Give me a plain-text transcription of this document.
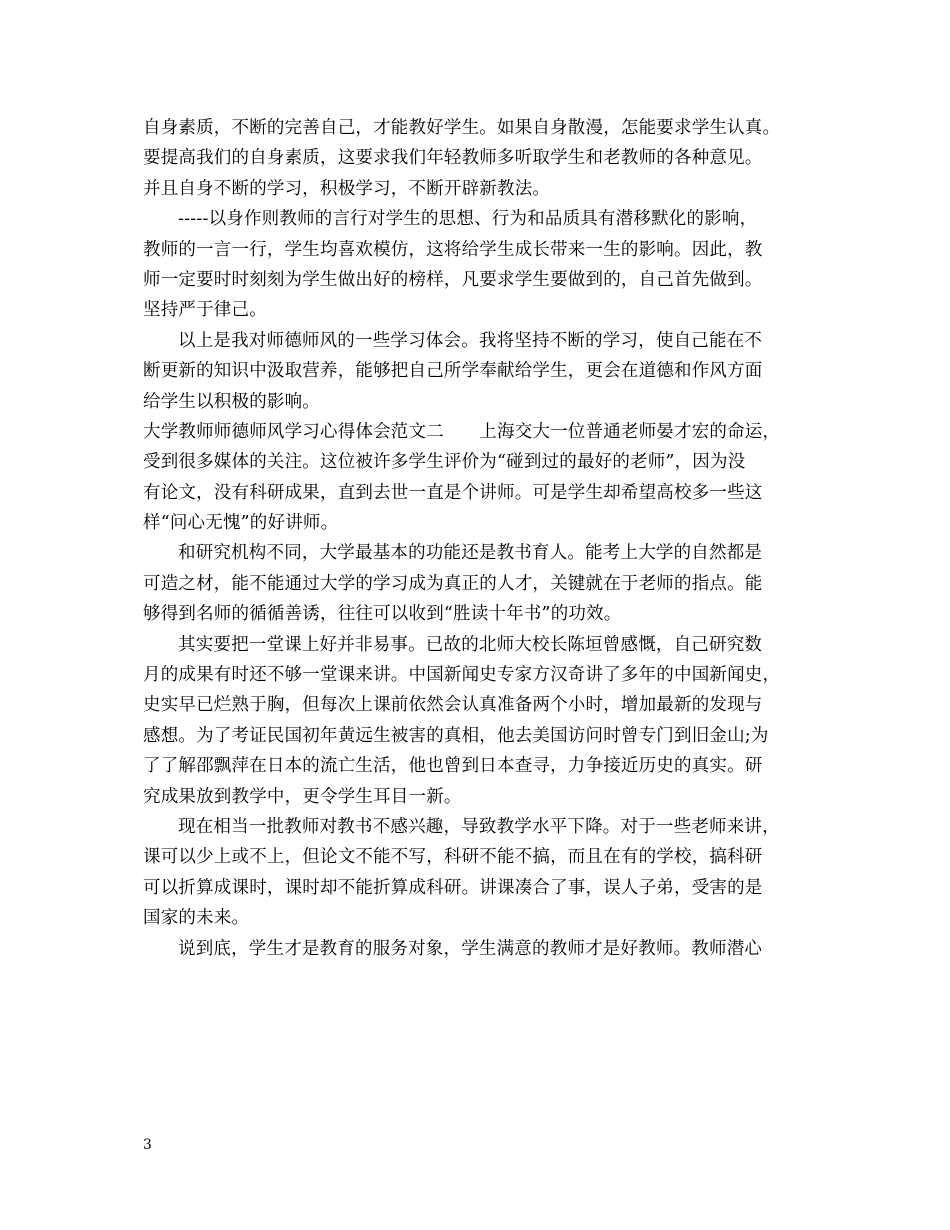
自身素质，不断的完善自己，才能教好学生。如果自身散漫，怎能要求学生认真。
要提高我们的自身素质，这要求我们年轻教师多听取学生和老教师的各种意见。
并且自身不断的学习，积极学习，不断开辟新教法。
-----以身作则教师的言行对学生的思想、行为和品质具有潜移默化的影响，
教师的一言一行，学生均喜欢模仿，这将给学生成长带来一生的影响。因此，教
师一定要时时刻刻为学生做出好的榜样，凡要求学生要做到的，自己首先做到。
坚持严于律己。
以上是我对师德师风的一些学习体会。我将坚持不断的学习，使自己能在不
断更新的知识中汲取营养，能够把自己所学奉献给学生，更会在道德和作风方面
给学生以积极的影响。
大学教师师德师风学习心得体会范文二　　上海交大一位普通老师晏才宏的命运，
受到很多媒体的关注。这位被许多学生评价为“碰到过的最好的老师”，因为没
有论文，没有科研成果，直到去世一直是个讲师。可是学生却希望高校多一些这
样“问心无愧”的好讲师。
和研究机构不同，大学最基本的功能还是教书育人。能考上大学的自然都是
可造之材，能不能通过大学的学习成为真正的人才，关键就在于老师的指点。能
够得到名师的循循善诱，往往可以收到“胜读十年书”的功效。
其实要把一堂课上好并非易事。已故的北师大校长陈垣曾感慨，自己研究数
月的成果有时还不够一堂课来讲。中国新闻史专家方汉奇讲了多年的中国新闻史，
史实早已烂熟于胸，但每次上课前依然会认真准备两个小时，增加最新的发现与
感想。为了考证民国初年黄远生被害的真相，他去美国访问时曾专门到旧金山;为
了了解邵飘萍在日本的流亡生活，他也曾到日本查寻，力争接近历史的真实。研
究成果放到教学中，更令学生耳目一新。
现在相当一批教师对教书不感兴趣，导致教学水平下降。对于一些老师来讲，
课可以少上或不上，但论文不能不写，科研不能不搞，而且在有的学校，搞科研
可以折算成课时，课时却不能折算成科研。讲课凑合了事，误人子弟，受害的是
国家的未来。
说到底，学生才是教育的服务对象，学生满意的教师才是好教师。教师潜心
3
